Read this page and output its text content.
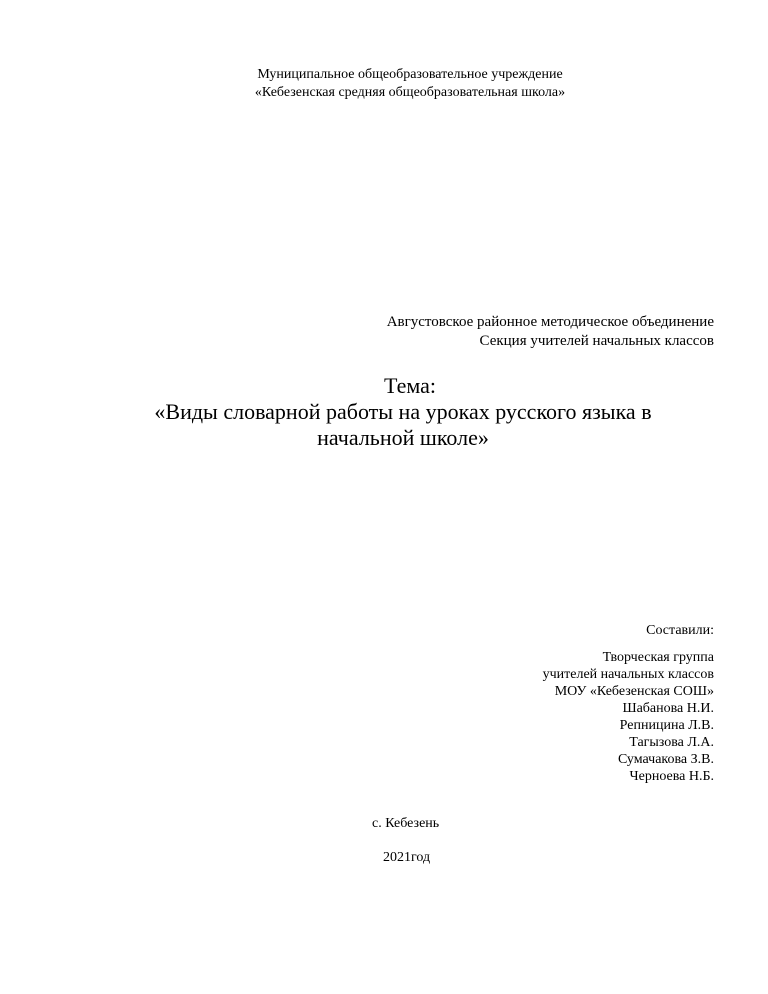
Муниципальное общеобразовательное учреждение
«Кебезенская средняя общеобразовательная школа»
Августовское районное методическое объединение
Секция учителей начальных классов
Тема:
«Виды словарной работы на уроках русского языка в
начальной школе»
Составили:
Творческая группа
учителей начальных классов
МОУ «Кебезенская СОШ»
Шабанова Н.И.
Репницина Л.В.
Тагызова Л.А.
Сумачакова З.В.
Черноева Н.Б.
с. Кебезень
2021год
